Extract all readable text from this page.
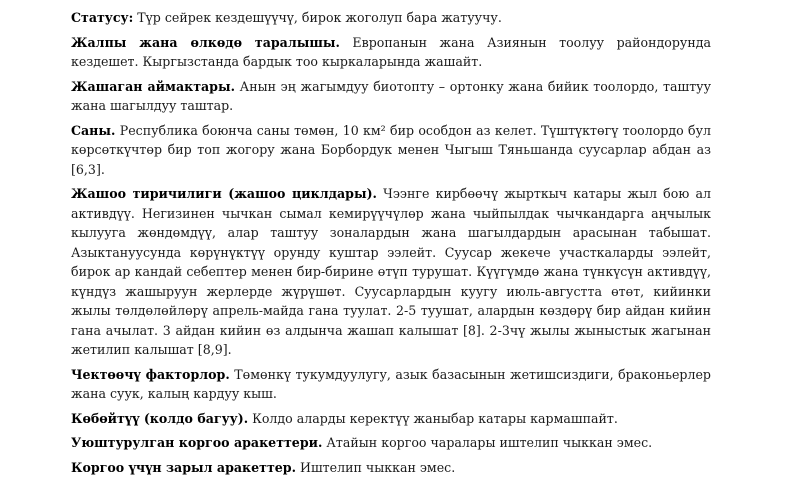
Статусу: Түр сейрек кездешүүчү, бирок жоголуп бара жатуучу.

Жалпы жана өлкөдө таралышы. Европанын жана Азиянын тоолуу райондорунда кездешет. Кыргызстанда бардык тоо кыркаларында жашайт.

Жашаган аймактары. Анын эң жагымдуу биотопту – ортонку жана бийик тоолордо, таштуу жана шагылдуу таштар.

Саны. Республика боюнча саны төмөн, 10 км² бир особдон аз келет. Түштүктөгү тоолордо бул көрсөткүчтөр бир топ жогору жана Борбордук менен Чыгыш Тяньшанда суусарлар абдан аз [6,3].

Жашоо тиричилиги (жашоо циклдары). Чээнге кирбөөчү жырткыч катары жыл бою ал активдүү. Негизинен чычкан сымал кемирүүчүлөр жана чыйпылдак чычкандарга аңчылык кылууга жөндөмдүү, алар таштуу зоналардын жана шагылдардын арасынан табышат. Азыктануусунда көрүнүктүү орунду куштар ээлейт. Суусар жекече участкаларды ээлейт, бирок ар кандай себептер менен бир-бирине өтүп турушат. Күүгүмдө жана түнкүсүн активдүү, күндүз жашыруун жерлерде жүрүшөт. Суусарлардын куугу июль-августта өтөт, кийинки жылы төлдөлөйлөрү апрель-майда гана туулат. 2-5 туушат, алардын көздөрү бир айдан кийин гана ачылат. 3 айдан кийин өз алдынча жашап калышат [8]. 2-3чү жылы жыныстык жагынан жетилип калышат [8,9].

Чектөөчү факторлор. Төмөнкү тукумдуулугу, азык базасынын жетишсиздиги, браконьерлер жана суук, калың кардуу кыш.

Көбөйтүү (колдо багуу). Колдо аларды керектүү жаныбар катары кармашпайт.

Уюштурулган коргоо аракеттери. Атайын коргоо чаралары иштелип чыккан эмес.

Коргоо үчүн зарыл аракеттер. Иштелип чыккан эмес.
